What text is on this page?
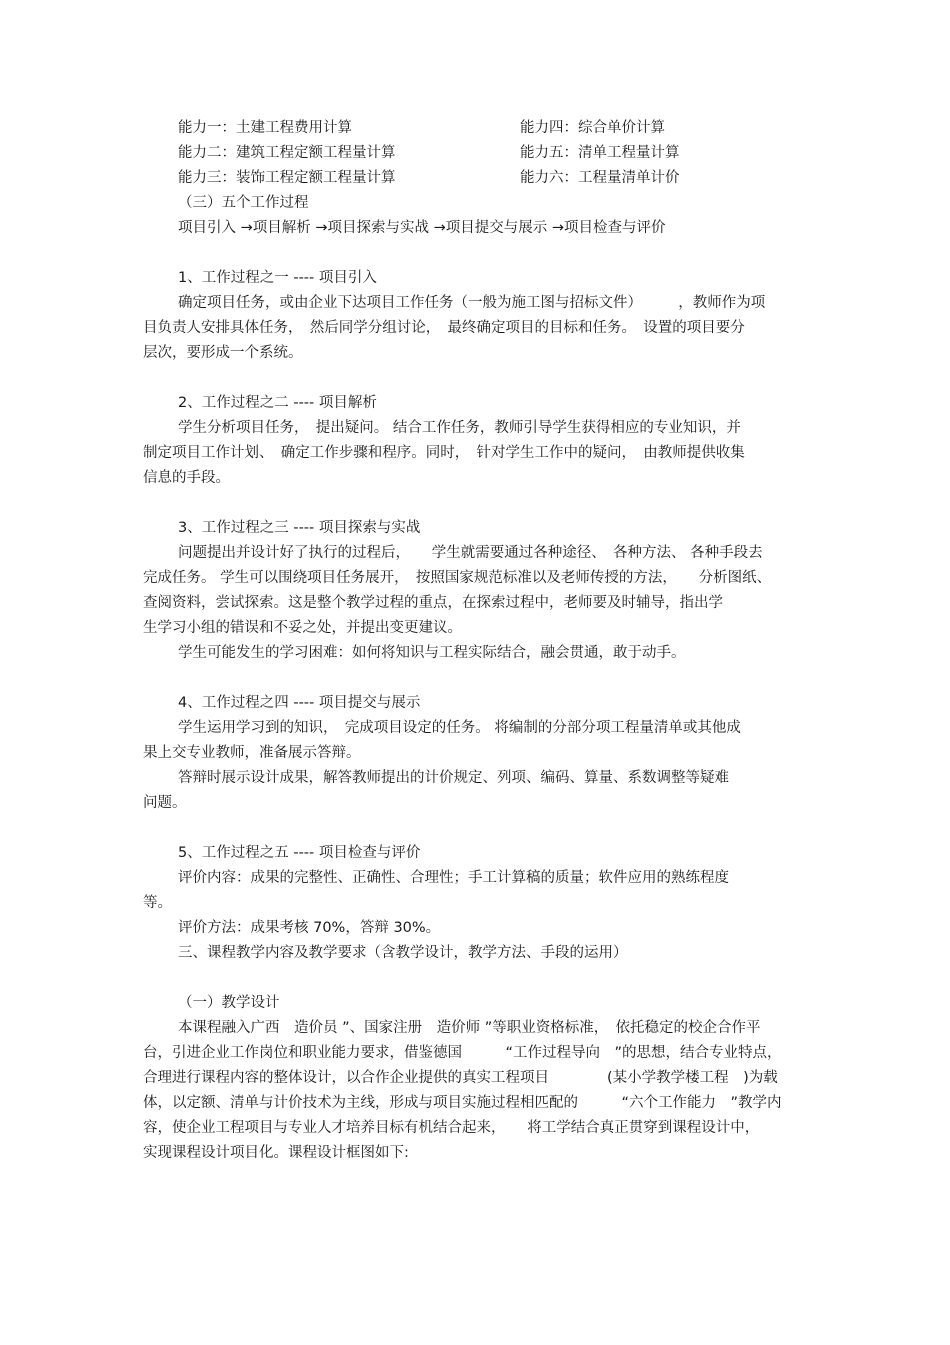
能力一：土建工程费用计算	能力四：综合单价计算
能力二：建筑工程定额工程量计算	能力五：清单工程量计算
能力三：装饰工程定额工程量计算	能力六：工程量清单计价
（三）五个工作过程
项目引入 →项目解析 →项目探索与实战 →项目提交与展示 →项目检查与评价
1、工作过程之一 ---- 项目引入
确定项目任务，或由企业下达项目工作任务（一般为施工图与招标文件）　　　，教师作为项
目负责人安排具体任务，　然后同学分组讨论，　最终确定项目的目标和任务。　设置的项目要分
层次，要形成一个系统。
2、工作过程之二 ---- 项目解析
学生分析项目任务，　提出疑问。 结合工作任务，教师引导学生获得相应的专业知识，并
制定项目工作计划、　确定工作步骤和程序。同时，　针对学生工作中的疑问，　由教师提供收集
信息的手段。
3、工作过程之三 ---- 项目探索与实战
问题提出并设计好了执行的过程后，　　学生就需要通过各种途径、　各种方法、 各种手段去
完成任务。 学生可以围绕项目任务展开，　按照国家规范标准以及老师传授的方法，　　分析图纸、
查阅资料，尝试探索。这是整个教学过程的重点，在探索过程中，老师要及时辅导，指出学
生学习小组的错误和不妥之处，并提出变更建议。
学生可能发生的学习困难：如何将知识与工程实际结合，融会贯通，敢于动手。
4、工作过程之四 ---- 项目提交与展示
学生运用学习到的知识，　完成项目设定的任务。 将编制的分部分项工程量清单或其他成
果上交专业教师，准备展示答辩。
答辩时展示设计成果，解答教师提出的计价规定、列项、编码、算量、系数调整等疑难
问题。
5、工作过程之五 ---- 项目检查与评价
评价内容：成果的完整性、正确性、合理性；手工计算稿的质量；软件应用的熟练程度
等。
评价方法：成果考核 70%，答辩 30%。
三、课程教学内容及教学要求（含教学设计，教学方法、手段的运用）
（一）教学设计
本课程融入广西　造价员 ”、国家注册　造价师 ”等职业资格标准，　依托稳定的校企合作平
台，引进企业工作岗位和职业能力要求，借鉴德国　　　“工作过程导向　”的思想，结合专业特点，
合理进行课程内容的整体设计，以合作企业提供的真实工程项目　　　　(某小学教学楼工程　)为载
体，以定额、清单与计价技术为主线，形成与项目实施过程相匹配的　　　“六个工作能力　”教学内
容，使企业工程项目与专业人才培养目标有机结合起来，　　将工学结合真正贯穿到课程设计中，
实现课程设计项目化。课程设计框图如下:
